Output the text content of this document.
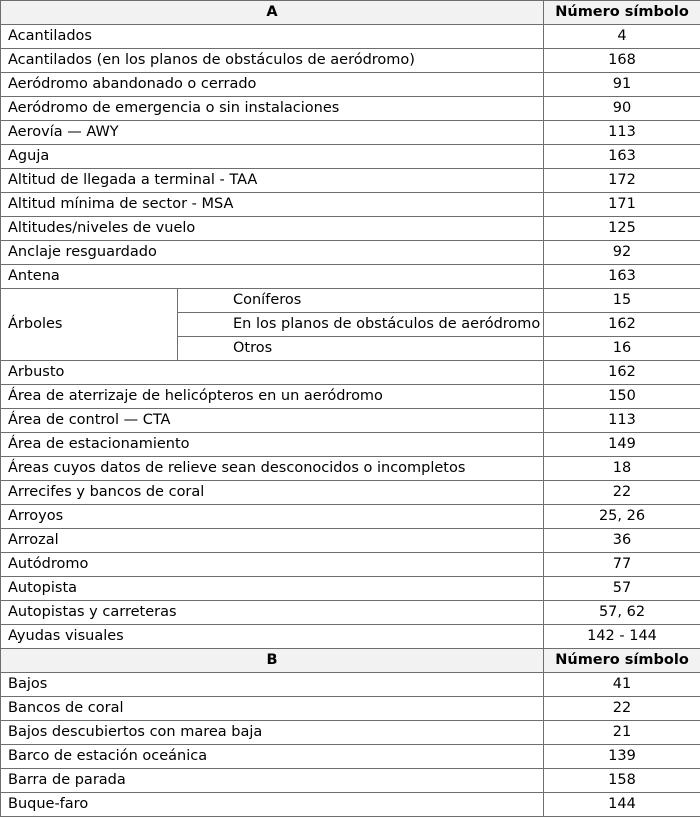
A		Número símbolo
Acantilados		4
Acantilados (en los planos de obstáculos de aeródromo)		168
Aeródromo abandonado o cerrado		91
Aeródromo de emergencia o sin instalaciones		90
Aerovía — AWY		113
Aguja		163
Altitud de llegada a terminal - TAA		172
Altitud mínima de sector - MSA		171
Altitudes/niveles de vuelo		125
Anclaje resguardado		92
Antena		163
Árboles	Coníferos	15
	En los planos de obstáculos de aeródromo	162
	Otros	16
Arbusto		162
Área de aterrizaje de helicópteros en un aeródromo		150
Área de control — CTA		113
Área de estacionamiento		149
Áreas cuyos datos de relieve sean desconocidos o incompletos		18
Arrecifes y bancos de coral		22
Arroyos		25, 26
Arrozal		36
Autódromo		77
Autopista		57
Autopistas y carreteras		57, 62
Ayudas visuales		142 - 144
B		Número símbolo
Bajos		41
Bancos de coral		22
Bajos descubiertos con marea baja		21
Barco de estación oceánica		139
Barra de parada		158
Buque-faro		144
